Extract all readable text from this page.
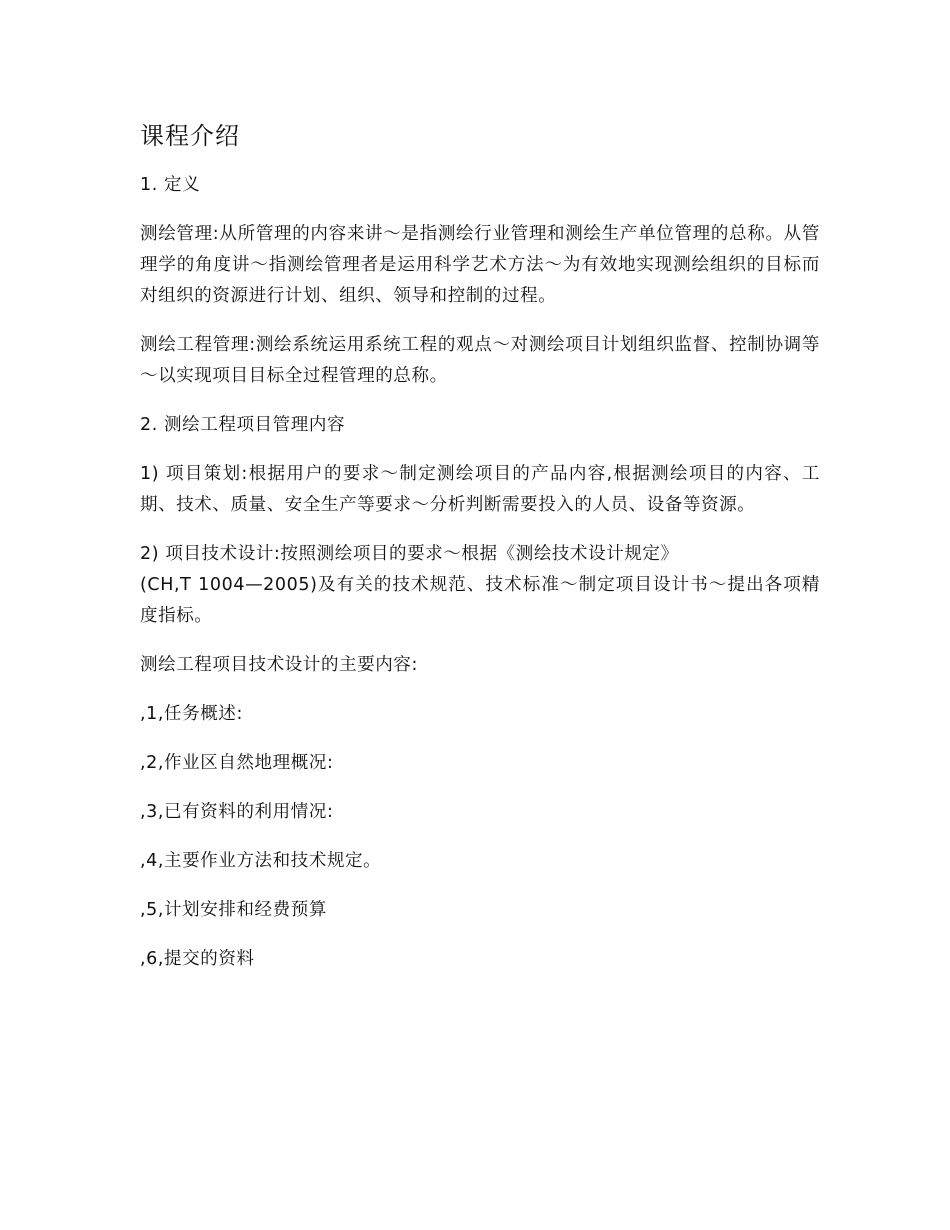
课程介绍
1. 定义
测绘管理:从所管理的内容来讲～是指测绘行业管理和测绘生产单位管理的总称。从管理学的角度讲～指测绘管理者是运用科学艺术方法～为有效地实现测绘组织的目标而对组织的资源进行计划、组织、领导和控制的过程。
测绘工程管理:测绘系统运用系统工程的观点～对测绘项目计划组织监督、控制协调等～以实现项目目标全过程管理的总称。
2. 测绘工程项目管理内容
1) 项目策划:根据用户的要求～制定测绘项目的产品内容,根据测绘项目的内容、工期、技术、质量、安全生产等要求～分析判断需要投入的人员、设备等资源。
2) 项目技术设计:按照测绘项目的要求～根据《测绘技术设计规定》
(CH,T 1004—2005)及有关的技术规范、技术标准～制定项目设计书～提出各项精度指标。
测绘工程项目技术设计的主要内容:
,1,任务概述:
,2,作业区自然地理概况:
,3,已有资料的利用情况:
,4,主要作业方法和技术规定。
,5,计划安排和经费预算
,6,提交的资料
